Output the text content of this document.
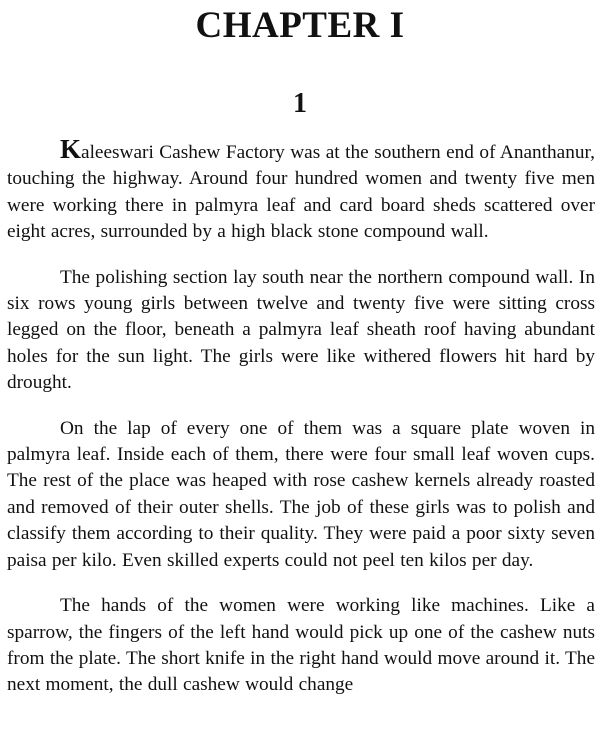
CHAPTER I
1

Kaleeswari Cashew Factory was at the southern end of Ananthanur, touching the highway. Around four hundred women and twenty five men were working there in palmyra leaf and card board sheds scattered over eight acres, surrounded by a high black stone compound wall.

The polishing section lay south near the northern compound wall. In six rows young girls between twelve and twenty five were sitting cross legged on the floor, beneath a palmyra leaf sheath roof having abundant holes for the sun light. The girls were like withered flowers hit hard by drought.

On the lap of every one of them was a square plate woven in palmyra leaf. Inside each of them, there were four small leaf woven cups. The rest of the place was heaped with rose cashew kernels already roasted and removed of their outer shells. The job of these girls was to polish and classify them according to their quality. They were paid a poor sixty seven paisa per kilo. Even skilled experts could not peel ten kilos per day.

The hands of the women were working like machines. Like a sparrow, the fingers of the left hand would pick up one of the cashew nuts from the plate. The short knife in the right hand would move around it. The next moment, the dull cashew would change
